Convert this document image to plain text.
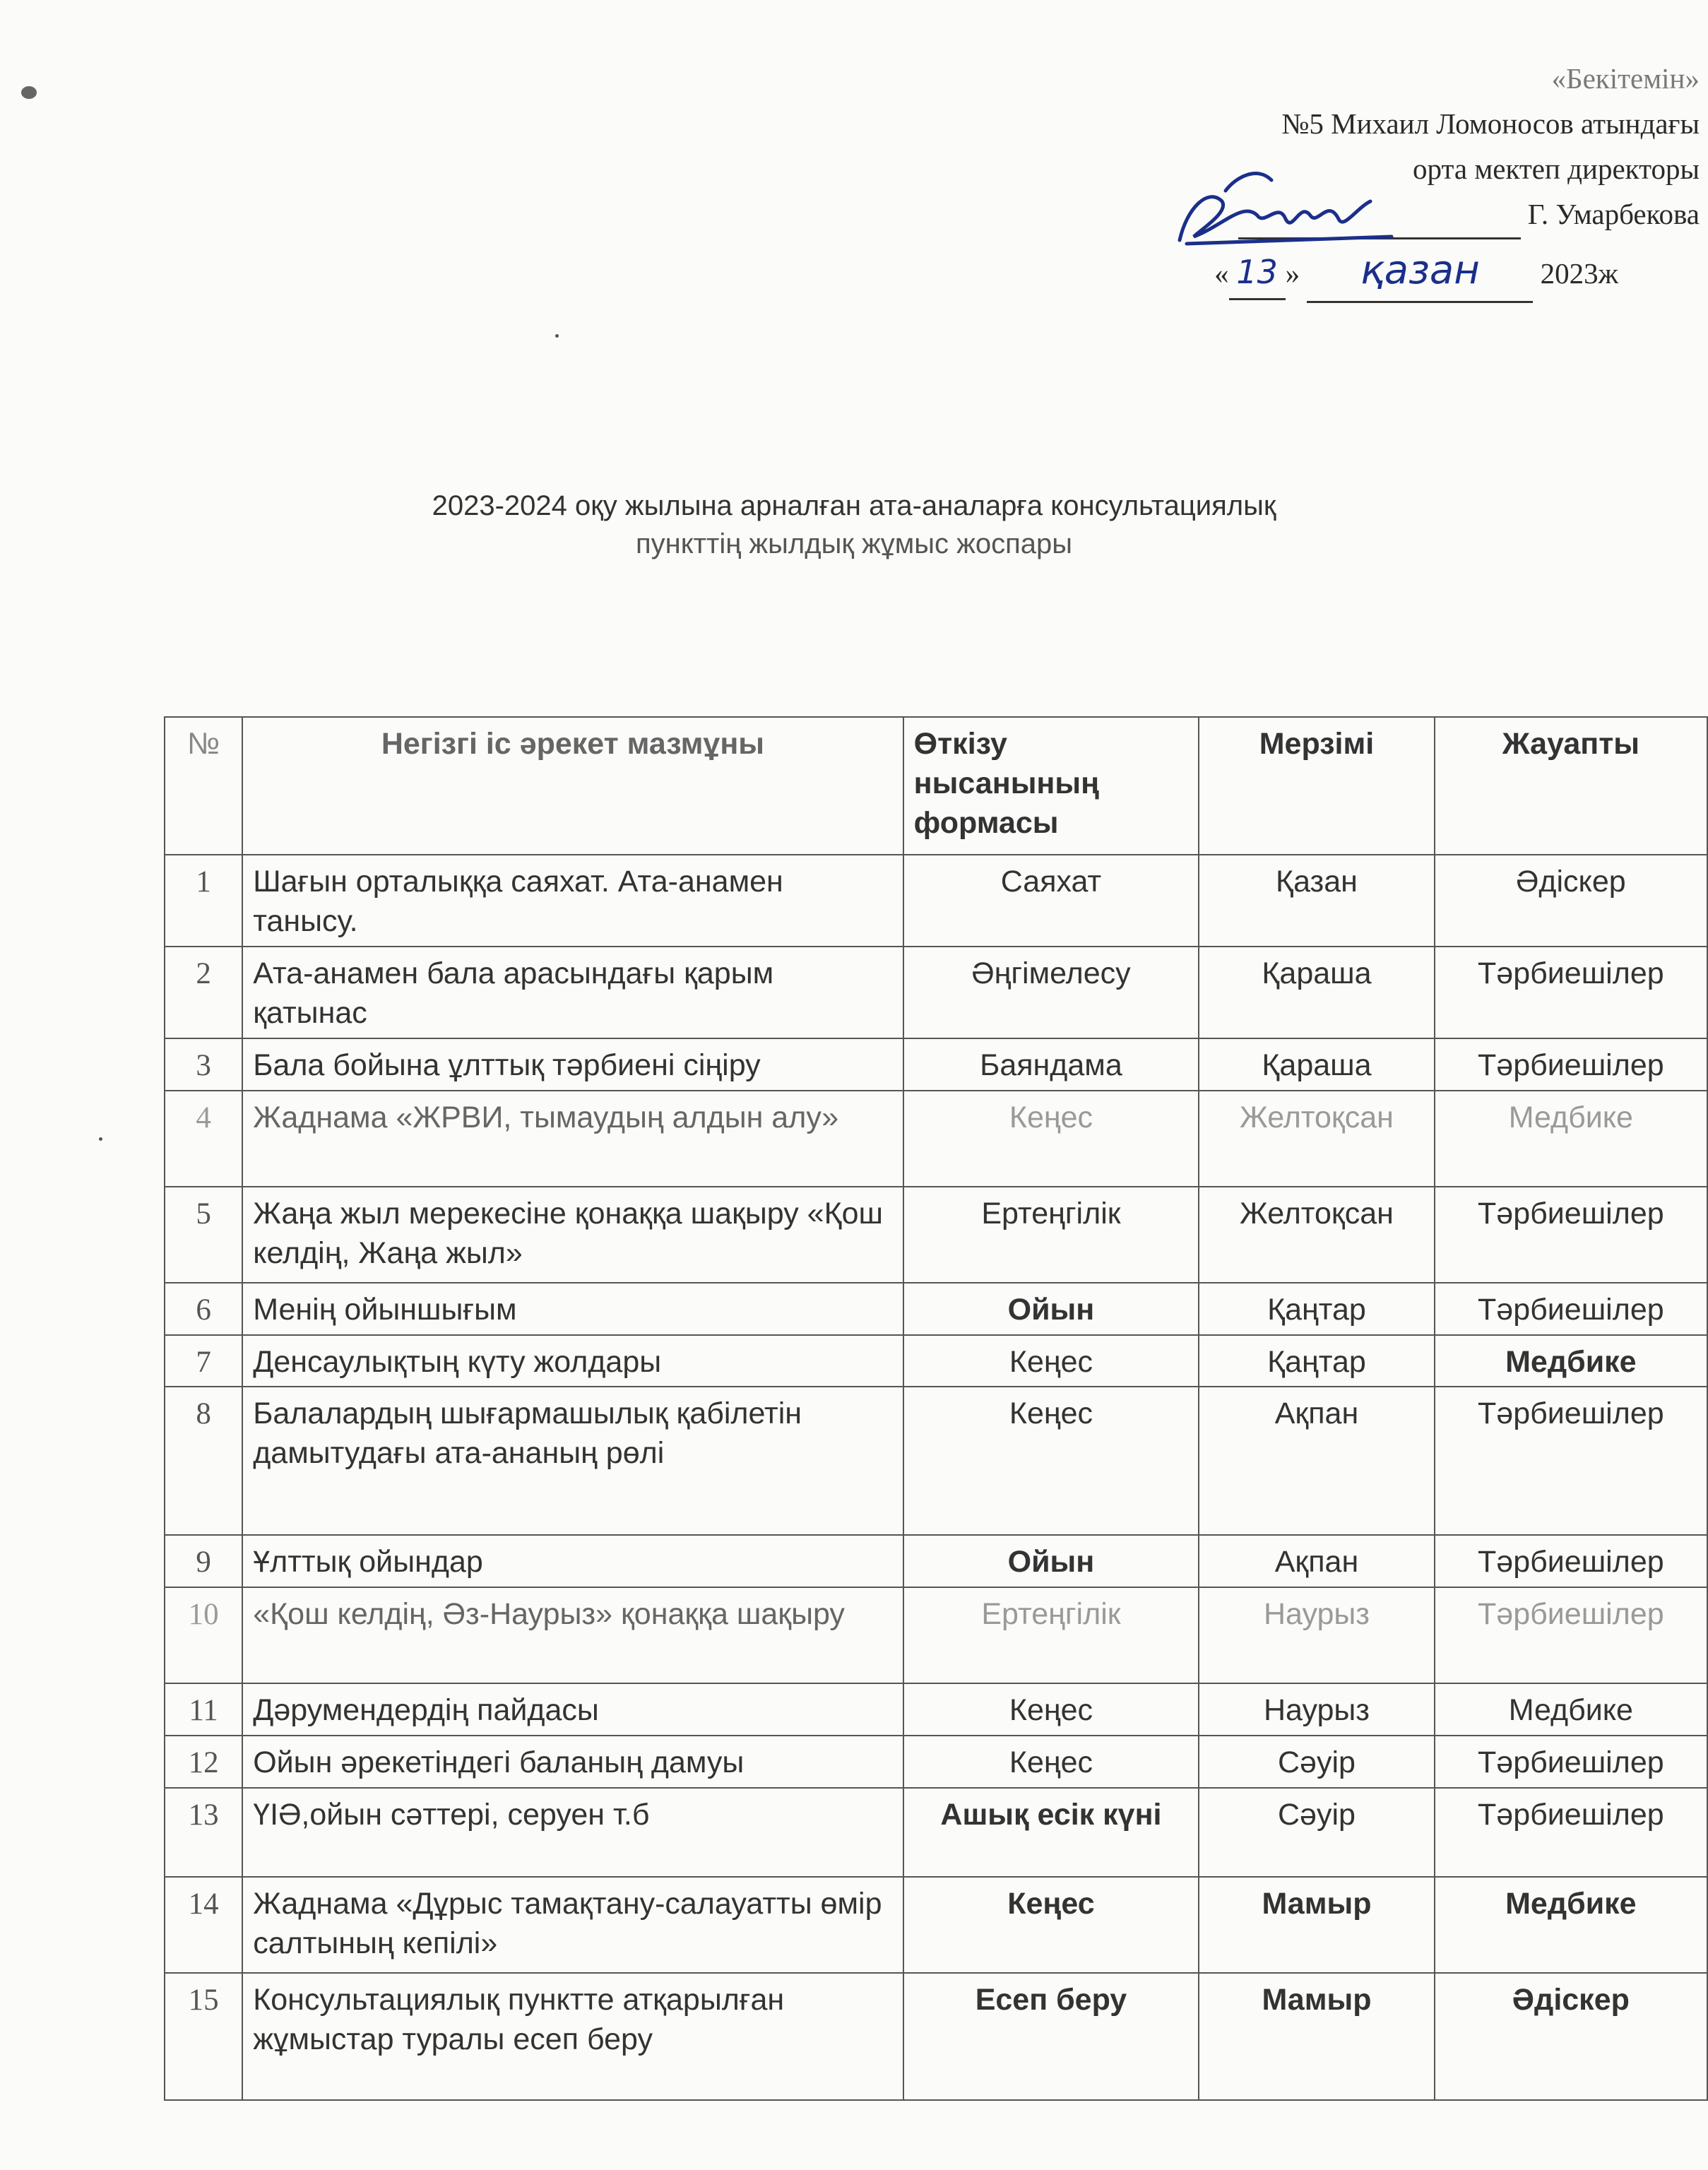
«Бекітемін»
№5 Михаил Ломоносов атындағы
орта мектеп директоры
Г. Умарбекова
« 13 » қазан 2023ж
2023-2024 оқу жылына арналған ата-аналарға консультациялық
пункттің жылдық жұмыс жоспары
№	Негізгі іс әрекет мазмұны	Өткізу нысанының формасы	Мерзімі	Жауапты
1	Шағын орталыққа саяхат. Ата-анамен танысу.	Саяхат	Қазан	Әдіскер
2	Ата-анамен бала арасындағы қарым қатынас	Әңгімелесу	Қараша	Тәрбиешілер
3	Бала бойына ұлттық тәрбиені сіңіру	Баяндама	Қараша	Тәрбиешілер
4	Жаднама «ЖРВИ, тымаудың алдын алу»	Кеңес	Желтоқсан	Медбике
5	Жаңа жыл мерекесіне қонаққа шақыру «Қош келдің, Жаңа жыл»	Ертеңгілік	Желтоқсан	Тәрбиешілер
6	Менің ойыншығым	Ойын	Қаңтар	Тәрбиешілер
7	Денсаулықтың күту жолдары	Кеңес	Қаңтар	Медбике
8	Балалардың шығармашылық қабілетін дамытудағы ата-ананың рөлі	Кеңес	Ақпан	Тәрбиешілер
9	Ұлттық ойындар	Ойын	Ақпан	Тәрбиешілер
10	«Қош келдің, Әз-Наурыз» қонаққа шақыру	Ертеңгілік	Наурыз	Тәрбиешілер
11	Дәрумендердің пайдасы	Кеңес	Наурыз	Медбике
12	Ойын әрекетіндегі баланың дамуы	Кеңес	Сәуір	Тәрбиешілер
13	ҮІӘ,ойын сәттері, серуен т.б	Ашық есік күні	Сәуір	Тәрбиешілер
14	Жаднама «Дұрыс тамақтану-салауатты өмір салтының кепілі»	Кеңес	Мамыр	Медбике
15	Консультациялық пунктте атқарылған жұмыстар туралы есеп беру	Есеп беру	Мамыр	Әдіскер
